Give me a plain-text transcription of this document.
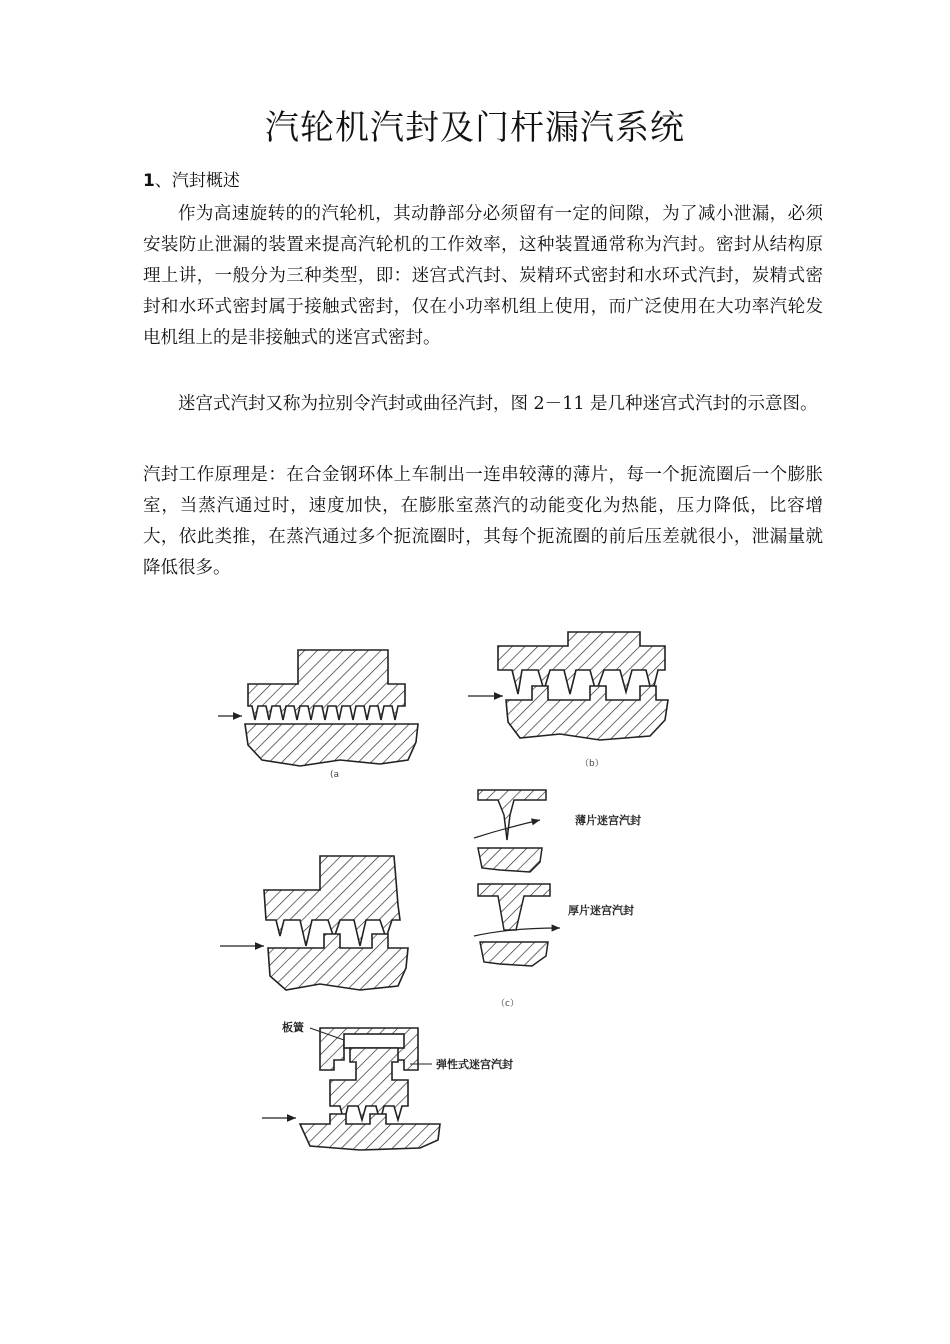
汽轮机汽封及门杆漏汽系统
1、汽封概述

作为高速旋转的的汽轮机，其动静部分必须留有一定的间隙，为了减小泄漏，必须安装防止泄漏的装置来提高汽轮机的工作效率，这种装置通常称为汽封。密封从结构原理上讲，一般分为三种类型，即：迷宫式汽封、炭精环式密封和水环式汽封，炭精式密封和水环式密封属于接触式密封，仅在小功率机组上使用，而广泛使用在大功率汽轮发电机组上的是非接触式的迷宫式密封。

迷宫式汽封又称为拉别令汽封或曲径汽封，图 2－11 是几种迷宫式汽封的示意图。

汽封工作原理是：在合金钢环体上车制出一连串较薄的薄片，每一个扼流圈后一个膨胀室，当蒸汽通过时，速度加快，在膨胀室蒸汽的动能变化为热能，压力降低，比容增大，依此类推，在蒸汽通过多个扼流圈时，其每个扼流圈的前后压差就很小，泄漏量就降低很多。

(a
（b）
薄片迷宫汽封
厚片迷宫汽封
（c）
板簧
弹性式迷宫汽封
